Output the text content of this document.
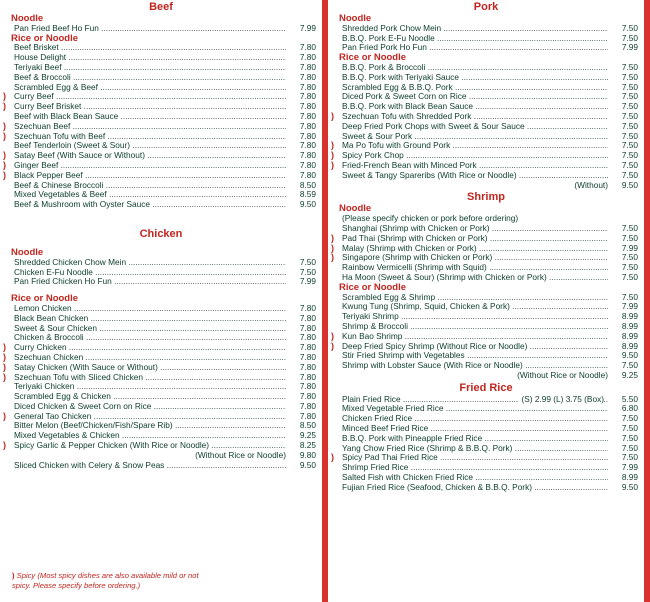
Beef
Noodle
Pan Fried Beef Ho Fun .....	7.99
Rice or Noodle
Beef Brisket .....	7.80
House Delight .....	7.80
Teriyaki Beef .....	7.80
Beef & Broccoli .....	7.80
Scrambled Egg & Beef .....	7.80
) Curry Beef .....	7.80
) Curry Beef Brisket .....	7.80
Beef with Black Bean Sauce .....	7.80
) Szechuan Beef .....	7.80
) Szechuan Tofu with Beef .....	7.80
Beef Tenderloin (Sweet & Sour) .....	7.80
) Satay Beef (With Sauce or Without) .....	7.80
) Ginger Beef .....	7.80
) Black Pepper Beef .....	7.80
Beef & Chinese Broccoli .....	8.50
Mixed Vegetables & Beef .....	8.59
Beef & Mushroom with Oyster Sauce .....	9.50
Chicken
Noodle
Shredded Chicken Chow Mein .....	7.50
Chicken E-Fu Noodle .....	7.50
Pan Fried Chicken Ho Fun .....	7.99
Rice or Noodle
Lemon Chicken .....	7.80
Black Bean Chicken .....	7.80
Sweet & Sour Chicken .....	7.80
Chicken & Broccoli .....	7.80
) Curry Chicken .....	7.80
) Szechuan Chicken .....	7.80
) Satay Chicken (With Sauce or Without) .....	7.80
) Szechuan Tofu with Sliced Chicken .....	7.80
Teriyaki Chicken .....	7.80
Scrambled Egg & Chicken .....	7.80
Diced Chicken & Sweet Corn on Rice .....	7.80
) General Tao Chicken .....	7.80
Bitter Melon (Beef/Chicken/Fish/Spare Rib) .....	8.50
Mixed Vegetables & Chicken .....	9.25
) Spicy Garlic & Pepper Chicken (With Rice or Noodle) .....	8.25
(Without Rice or Noodle)	9.80
Sliced Chicken with Celery & Snow Peas .....	9.50
) Spicy (Most spicy dishes are also available mild or not
spicy. Please specify before ordering.)
Pork
Noodle
Shredded Pork Chow Mein .....	7.50
B.B.Q. Pork E-Fu Noodle .....	7.50
Pan Fried Pork Ho Fun .....	7.99
Rice or Noodle
B.B.Q. Pork & Broccoli .....	7.50
B.B.Q. Pork with Teriyaki Sauce .....	7.50
Scrambled Egg & B.B.Q. Pork .....	7.50
Diced Pork & Sweet Corn on Rice .....	7.50
B.B.Q. Pork with Black Bean Sauce .....	7.50
) Szechuan Tofu with Shredded Pork .....	7.50
Deep Fried Pork Chops with Sweet & Sour Sauce .....	7.50
Sweet & Sour Pork .....	7.50
) Ma Po Tofu with Ground Pork .....	7.50
) Spicy Pork Chop .....	7.50
) Fried-French Bean with Minced Pork .....	7.50
Sweet & Tangy Spareribs (With Rice or Noodle) .....	7.50
(Without)	9.50
Shrimp
Noodle
(Please specify chicken or pork before ordering)
Shanghai (Shrimp with Chicken or Pork) .....	7.50
) Pad Thai (Shrimp with Chicken or Pork) .....	7.50
) Malay (Shrimp with Chicken or Pork) .....	7.99
) Singapore (Shrimp with Chicken or Pork) .....	7.50
Rainbow Vermicelli (Shrimp with Squid) .....	7.50
Ha Moon (Sweet & Sour) (Shrimp with Chicken or Pork) .....	7.50
Rice or Noodle
Scrambled Egg & Shrimp .....	7.50
Kwung Tung (Shrimp, Squid, Chicken & Pork) .....	7.99
Teriyaki Shrimp .....	8.99
Shrimp & Broccoli .....	8.99
) Kun Bao Shrimp .....	8.99
) Deep Fried Spicy Shrimp (Without Rice or Noodle) .....	8.99
Stir Fried Shrimp with Vegetables .....	9.50
Shrimp with Lobster Sauce (With Rice or Noodle) .....	7.50
(Without Rice or Noodle)	9.25
Fried Rice
Plain Fried Rice .....	5.50
(S) 2.99 (L) 3.75 (Box)
Mixed Vegetable Fried Rice .....	6.80
Chicken Fried Rice .....	7.50
Minced Beef Fried Rice .....	7.50
B.B.Q. Pork with Pineapple Fried Rice .....	7.50
Yang Chow Fried Rice (Shrimp & B.B.Q. Pork) .....	7.50
) Spicy Pad Thai Fried Rice .....	7.50
Shrimp Fried Rice .....	7.99
Salted Fish with Chicken Fried Rice .....	8.99
Fujian Fried Rice (Seafood, Chicken & B.B.Q. Pork) .....	9.50
